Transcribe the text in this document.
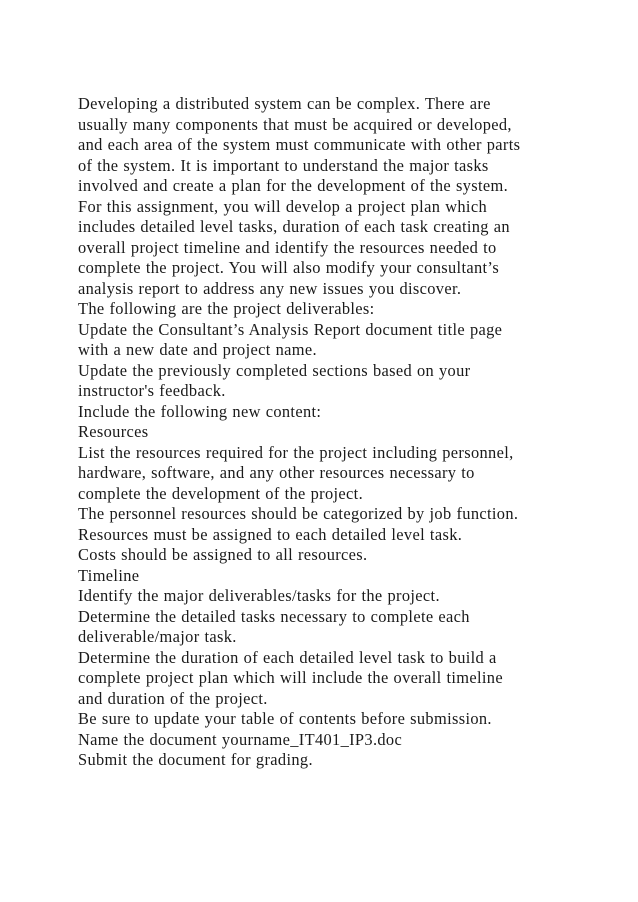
Developing a distributed system can be complex. There are
usually many components that must be acquired or developed,
and each area of the system must communicate with other parts
of the system. It is important to understand the major tasks
involved and create a plan for the development of the system.
For this assignment, you will develop a project plan which
includes detailed level tasks, duration of each task creating an
overall project timeline and identify the resources needed to
complete the project. You will also modify your consultant’s
analysis report to address any new issues you discover.
The following are the project deliverables:
Update the Consultant’s Analysis Report document title page
with a new date and project name.
Update the previously completed sections based on your
instructor's feedback.
Include the following new content:
Resources
List the resources required for the project including personnel,
hardware, software, and any other resources necessary to
complete the development of the project.
The personnel resources should be categorized by job function.
Resources must be assigned to each detailed level task.
Costs should be assigned to all resources.
Timeline
Identify the major deliverables/tasks for the project.
Determine the detailed tasks necessary to complete each
deliverable/major task.
Determine the duration of each detailed level task to build a
complete project plan which will include the overall timeline
and duration of the project.
Be sure to update your table of contents before submission.
Name the document yourname_IT401_IP3.doc
Submit the document for grading.
